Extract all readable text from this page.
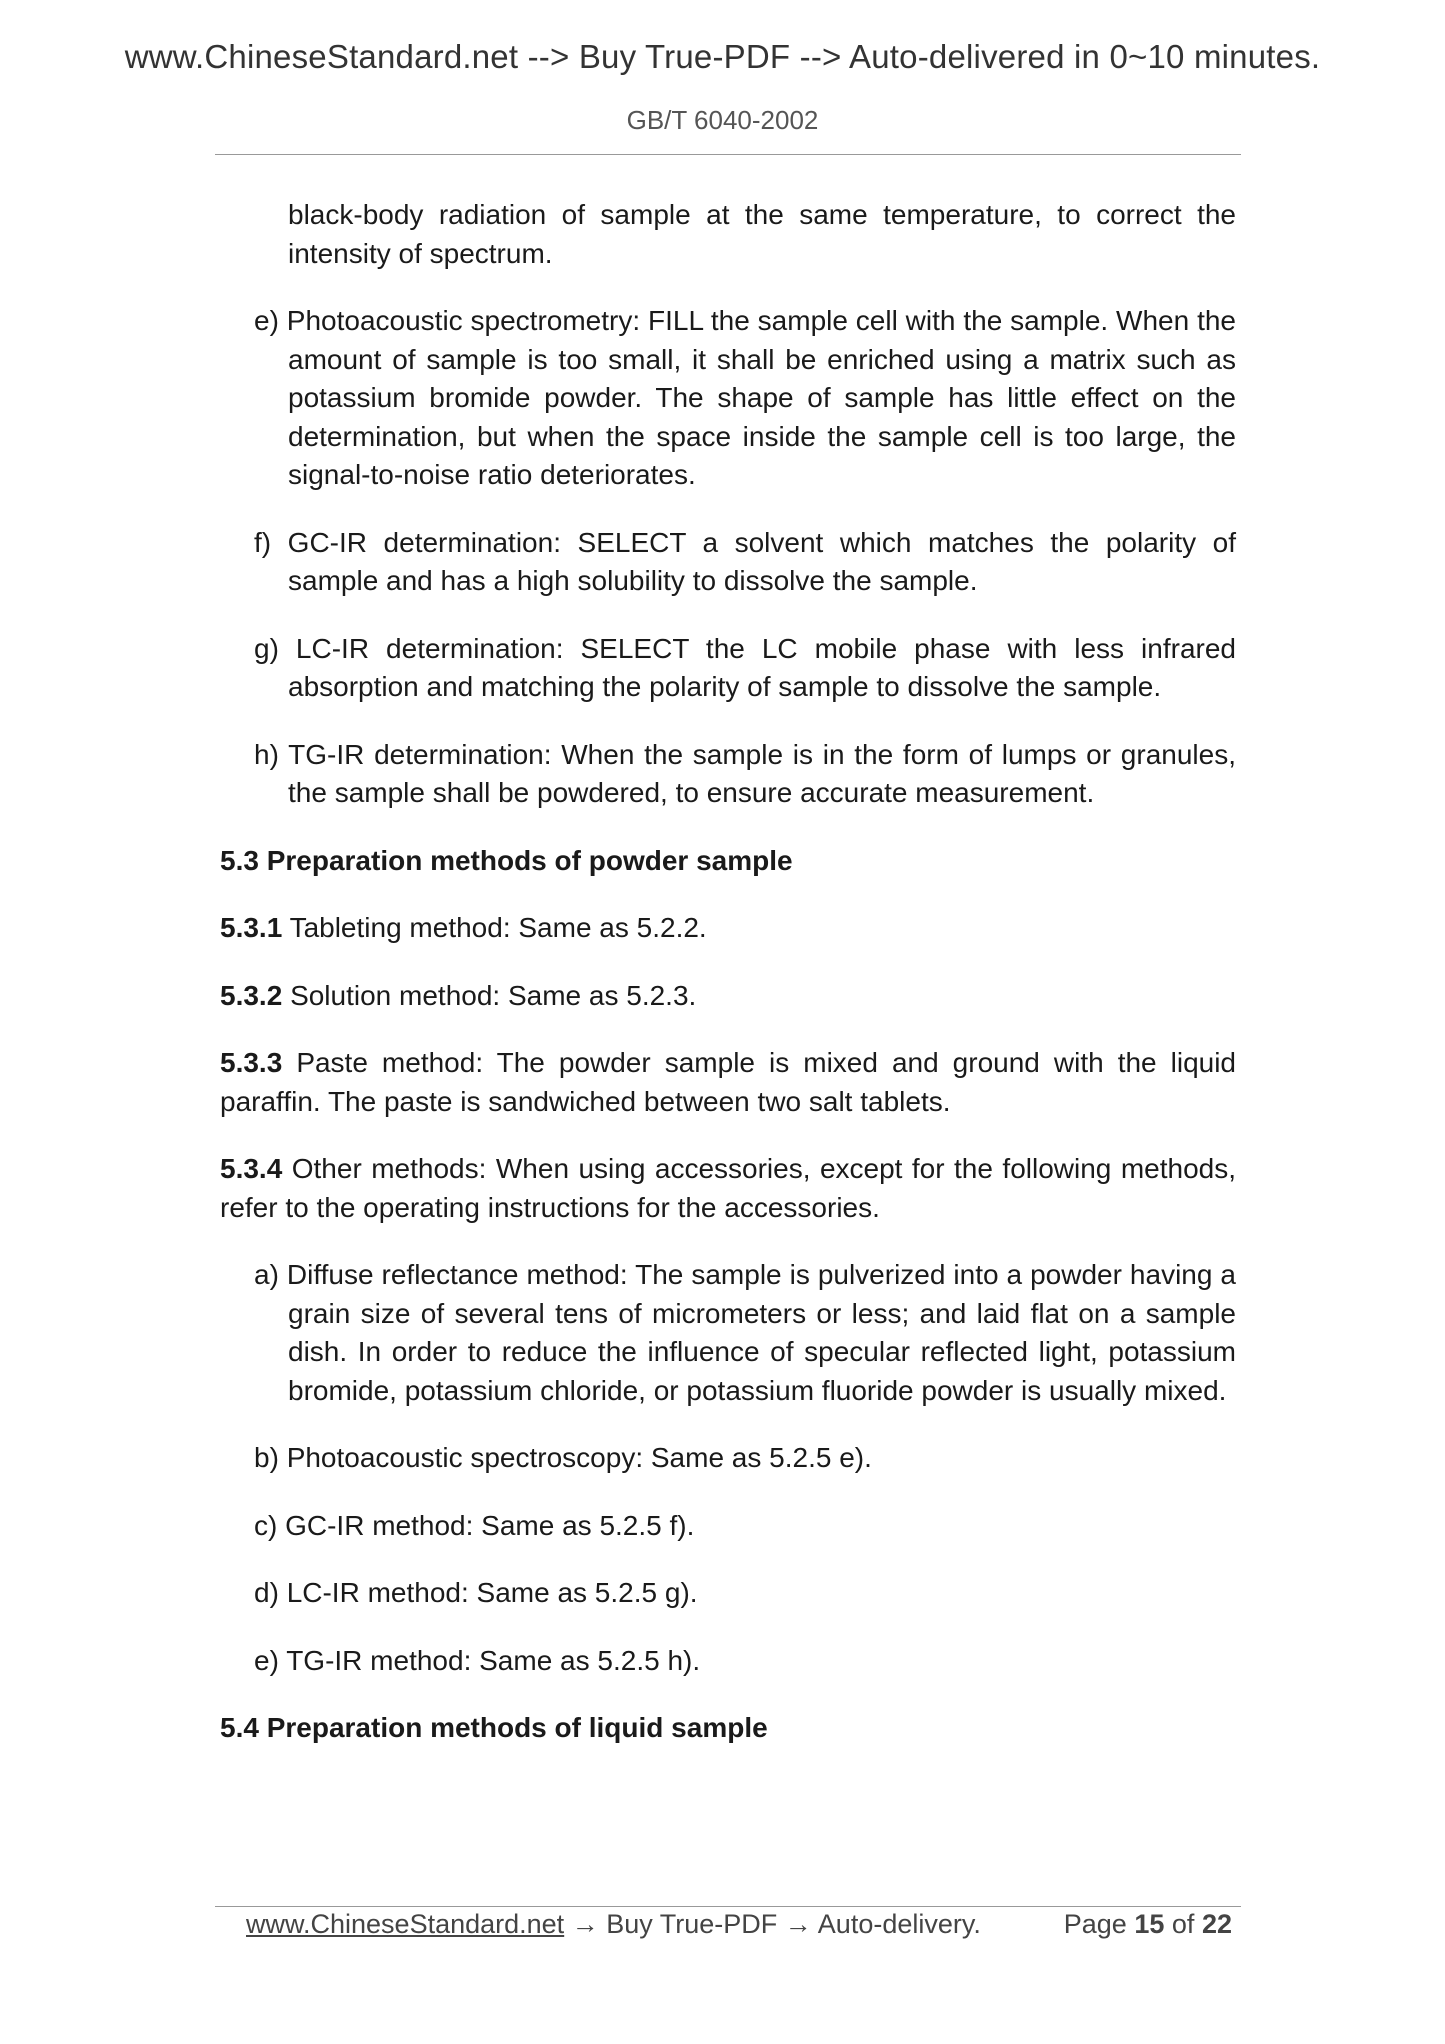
www.ChineseStandard.net --> Buy True-PDF --> Auto-delivered in 0~10 minutes.
GB/T 6040-2002

black-body radiation of sample at the same temperature, to correct the intensity of spectrum.

e) Photoacoustic spectrometry: FILL the sample cell with the sample. When the amount of sample is too small, it shall be enriched using a matrix such as potassium bromide powder. The shape of sample has little effect on the determination, but when the space inside the sample cell is too large, the signal-to-noise ratio deteriorates.

f) GC-IR determination: SELECT a solvent which matches the polarity of sample and has a high solubility to dissolve the sample.

g) LC-IR determination: SELECT the LC mobile phase with less infrared absorption and matching the polarity of sample to dissolve the sample.

h) TG-IR determination: When the sample is in the form of lumps or granules, the sample shall be powdered, to ensure accurate measurement.

5.3 Preparation methods of powder sample

5.3.1 Tableting method: Same as 5.2.2.

5.3.2 Solution method: Same as 5.2.3.

5.3.3 Paste method: The powder sample is mixed and ground with the liquid paraffin. The paste is sandwiched between two salt tablets.

5.3.4 Other methods: When using accessories, except for the following methods, refer to the operating instructions for the accessories.

a) Diffuse reflectance method: The sample is pulverized into a powder having a grain size of several tens of micrometers or less; and laid flat on a sample dish. In order to reduce the influence of specular reflected light, potassium bromide, potassium chloride, or potassium fluoride powder is usually mixed.

b) Photoacoustic spectroscopy: Same as 5.2.5 e).

c) GC-IR method: Same as 5.2.5 f).

d) LC-IR method: Same as 5.2.5 g).

e) TG-IR method: Same as 5.2.5 h).

5.4 Preparation methods of liquid sample

www.ChineseStandard.net → Buy True-PDF → Auto-delivery.	Page 15 of 22
